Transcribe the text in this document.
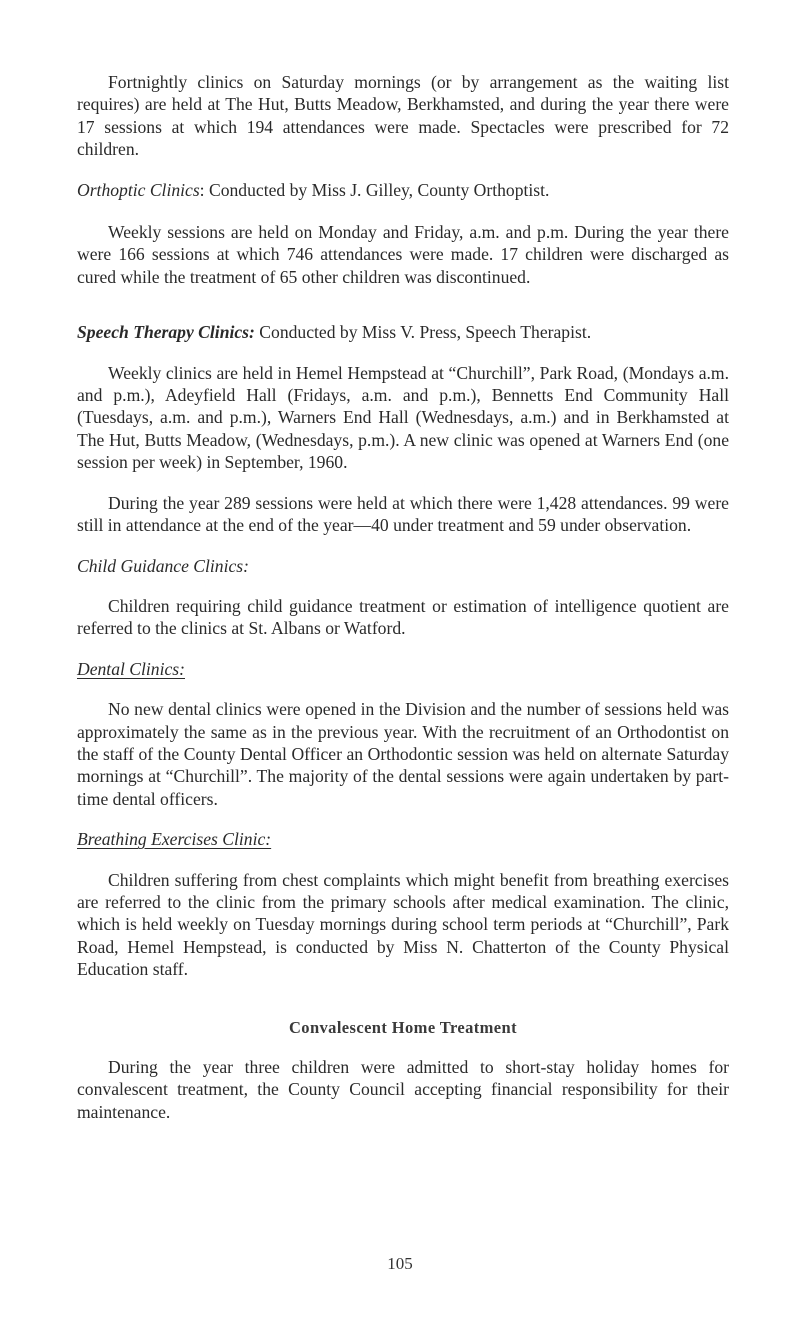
Fortnightly clinics on Saturday mornings (or by arrangement as the waiting list requires) are held at The Hut, Butts Meadow, Berkhamsted, and during the year there were 17 sessions at which 194 attendances were made. Spectacles were prescribed for 72 children.

Orthoptic Clinics: Conducted by Miss J. Gilley, County Orthoptist.

Weekly sessions are held on Monday and Friday, a.m. and p.m. During the year there were 166 sessions at which 746 attendances were made. 17 children were discharged as cured while the treatment of 65 other children was discontinued.

Speech Therapy Clinics: Conducted by Miss V. Press, Speech Therapist.

Weekly clinics are held in Hemel Hempstead at “Churchill”, Park Road, (Mondays a.m. and p.m.), Adeyfield Hall (Fridays, a.m. and p.m.), Bennetts End Community Hall (Tuesdays, a.m. and p.m.), Warners End Hall (Wednesdays, a.m.) and in Berkhamsted at The Hut, Butts Meadow, (Wednesdays, p.m.). A new clinic was opened at Warners End (one session per week) in September, 1960.

During the year 289 sessions were held at which there were 1,428 attendances. 99 were still in attendance at the end of the year—40 under treatment and 59 under observation.

Child Guidance Clinics:

Children requiring child guidance treatment or estimation of intelligence quotient are referred to the clinics at St. Albans or Watford.

Dental Clinics:

No new dental clinics were opened in the Division and the number of sessions held was approximately the same as in the previous year. With the recruitment of an Orthodontist on the staff of the County Dental Officer an Orthodontic session was held on alternate Saturday mornings at “Churchill”. The majority of the dental sessions were again undertaken by part-time dental officers.

Breathing Exercises Clinic:

Children suffering from chest complaints which might benefit from breathing exercises are referred to the clinic from the primary schools after medical examination. The clinic, which is held weekly on Tuesday mornings during school term periods at “Churchill”, Park Road, Hemel Hempstead, is conducted by Miss N. Chatterton of the County Physical Education staff.

Convalescent Home Treatment

During the year three children were admitted to short-stay holiday homes for convalescent treatment, the County Council accepting financial responsibility for their maintenance.

105
